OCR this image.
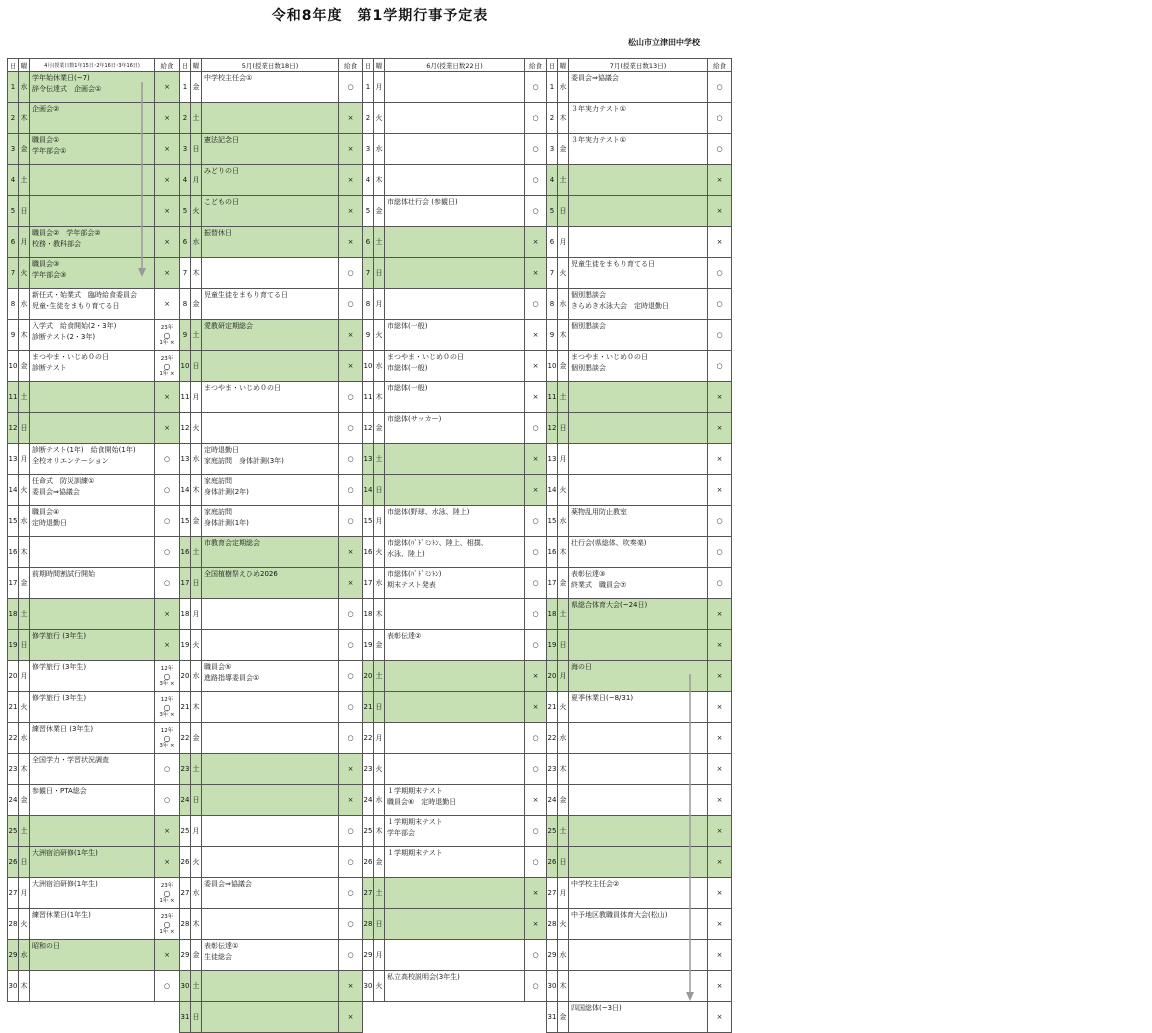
令和8年度　第1学期行事予定表
松山市立津田中学校
日	曜	4月(授業日数1年15日･2年16日･3年16日)	給食
1	水	学年始休業日(~7)
辞令伝達式　企画会①	×
2	木	企画会②	×
3	金	職員会①
学年部会①	×
4	土		×
5	日		×
6	月	職員会②　学年部会②
校務・教科部会	×
7	火	職員会③
学年部会③	×
8	水	新任式・始業式　臨時給食委員会
児童･生徒をまもり育てる日	×
9	木	入学式　給食開始(2・3年)
診断テスト(2・3年)	23年
○
1年 ×

10	金	まつやま・いじめ０の日
診断テスト	23年
○
1年 ×

11	土		×
12	日		×
13	月	診断テスト(1年)　給食開始(1年)
全校オリエンテーション	○
14	火	任命式　防災訓練①
委員会⇒協議会	○
15	水	職員会④
定時退勤日	○
16	木		○
17	金	前期時間割試行開始	○
18	土		×
19	日	修学旅行 (3年生)	×
20	月	修学旅行 (3年生)	12年
○
3年 ×

21	火	修学旅行 (3年生)	12年
○
3年 ×

22	水	練習休業日 (3年生)	12年
○
3年 ×

23	木	全国学力・学習状況調査	○
24	金	参観日・PTA総会	○
25	土		×
26	日	大洲宿泊研修(1年生)	×
27	月	大洲宿泊研修(1年生)	23年
○
1年 ×

28	火	練習休業日(1年生)	23年
○
1年 ×

29	水	昭和の日	×
30	木		○
日	曜	5月(授業日数18日)	給食
1	金	中学校主任会①	○
2	土		×
3	日	憲法記念日	×
4	月	みどりの日	×
5	火	こどもの日	×
6	水	振替休日	×
7	木		○
8	金	児童生徒をまもり育てる日	○
9	土	愛教研定期総会	×
10	日		×
11	月	まつやま・いじめ０の日	○
12	火		○
13	水	定時退勤日
家庭訪問　身体計測(3年)	○
14	木	家庭訪問
身体計測(2年)	○
15	金	家庭訪問
身体計測(1年)	○
16	土	市教育会定期総会	×
17	日	全国植樹祭えひめ2026	×
18	月		○
19	火		○
20	水	職員会⑤
進路指導委員会①	○
21	木		○
22	金		○
23	土		×
24	日		×
25	月		○
26	火		○
27	水	委員会⇒協議会	○
28	木		○
29	金	表彰伝達①
生徒総会	○
30	土		×
31	日		×
日	曜	6月(授業日数22日)	給食
1	月		○
2	火		○
3	水		○
4	木		○
5	金	市総体壮行会 (参観日)	○
6	土		×
7	日		×
8	月		○
9	火	市総体(一般)	×
10	水	まつやま・いじめ０の日
市総体(一般)	×
11	木	市総体(一般)	×
12	金	市総体(サッカー)	○
13	土		×
14	日		×
15	月	市総体(野球、水泳、陸上)	○
16	火	市総体(ﾊﾞﾄﾞﾐﾝﾄﾝ、陸上、相撲、
水泳、陸上)	○
17	水	市総体(ﾊﾞﾄﾞﾐﾝﾄﾝ)
期末テスト発表	○
18	木		○
19	金	表彰伝達②	○
20	土		×
21	日		×
22	月		○
23	火		○
24	水	１学期期末テスト
職員会⑥　定時退勤日	×
25	木	１学期期末テスト
学年部会	○
26	金	１学期期末テスト	○
27	土		×
28	日		×
29	月		○
30	火	私立高校説明会(3年生)	○
日	曜	7月(授業日数13日)	給食
1	水	委員会⇒協議会	○
2	木	３年実力テスト①	○
3	金	３年実力テスト①	○
4	土		×
5	日		×
6	月		×
7	火	児童生徒をまもり育てる日	○
8	水	個別懇談会
きらめき水泳大会　定時退勤日	○
9	木	個別懇談会	○
10	金	まつやま・いじめ０の日
個別懇談会	○
11	土		×
12	日		×
13	月		×
14	火		×
15	水	薬物乱用防止教室	○
16	木	壮行会(県総体、吹奏楽)	○
17	金	表彰伝達③
終業式　職員会⑦	○
18	土	県総合体育大会(~24日)	×
19	日		×
20	月	海の日	×
21	火	夏季休業日(~8/31)	×
22	水		×
23	木		×
24	金		×
25	土		×
26	日		×
27	月	中学校主任会②	×
28	火	中予地区教職員体育大会(松山)	×
29	水		×
30	木		×
31	金	四国総体(~3日)	×
